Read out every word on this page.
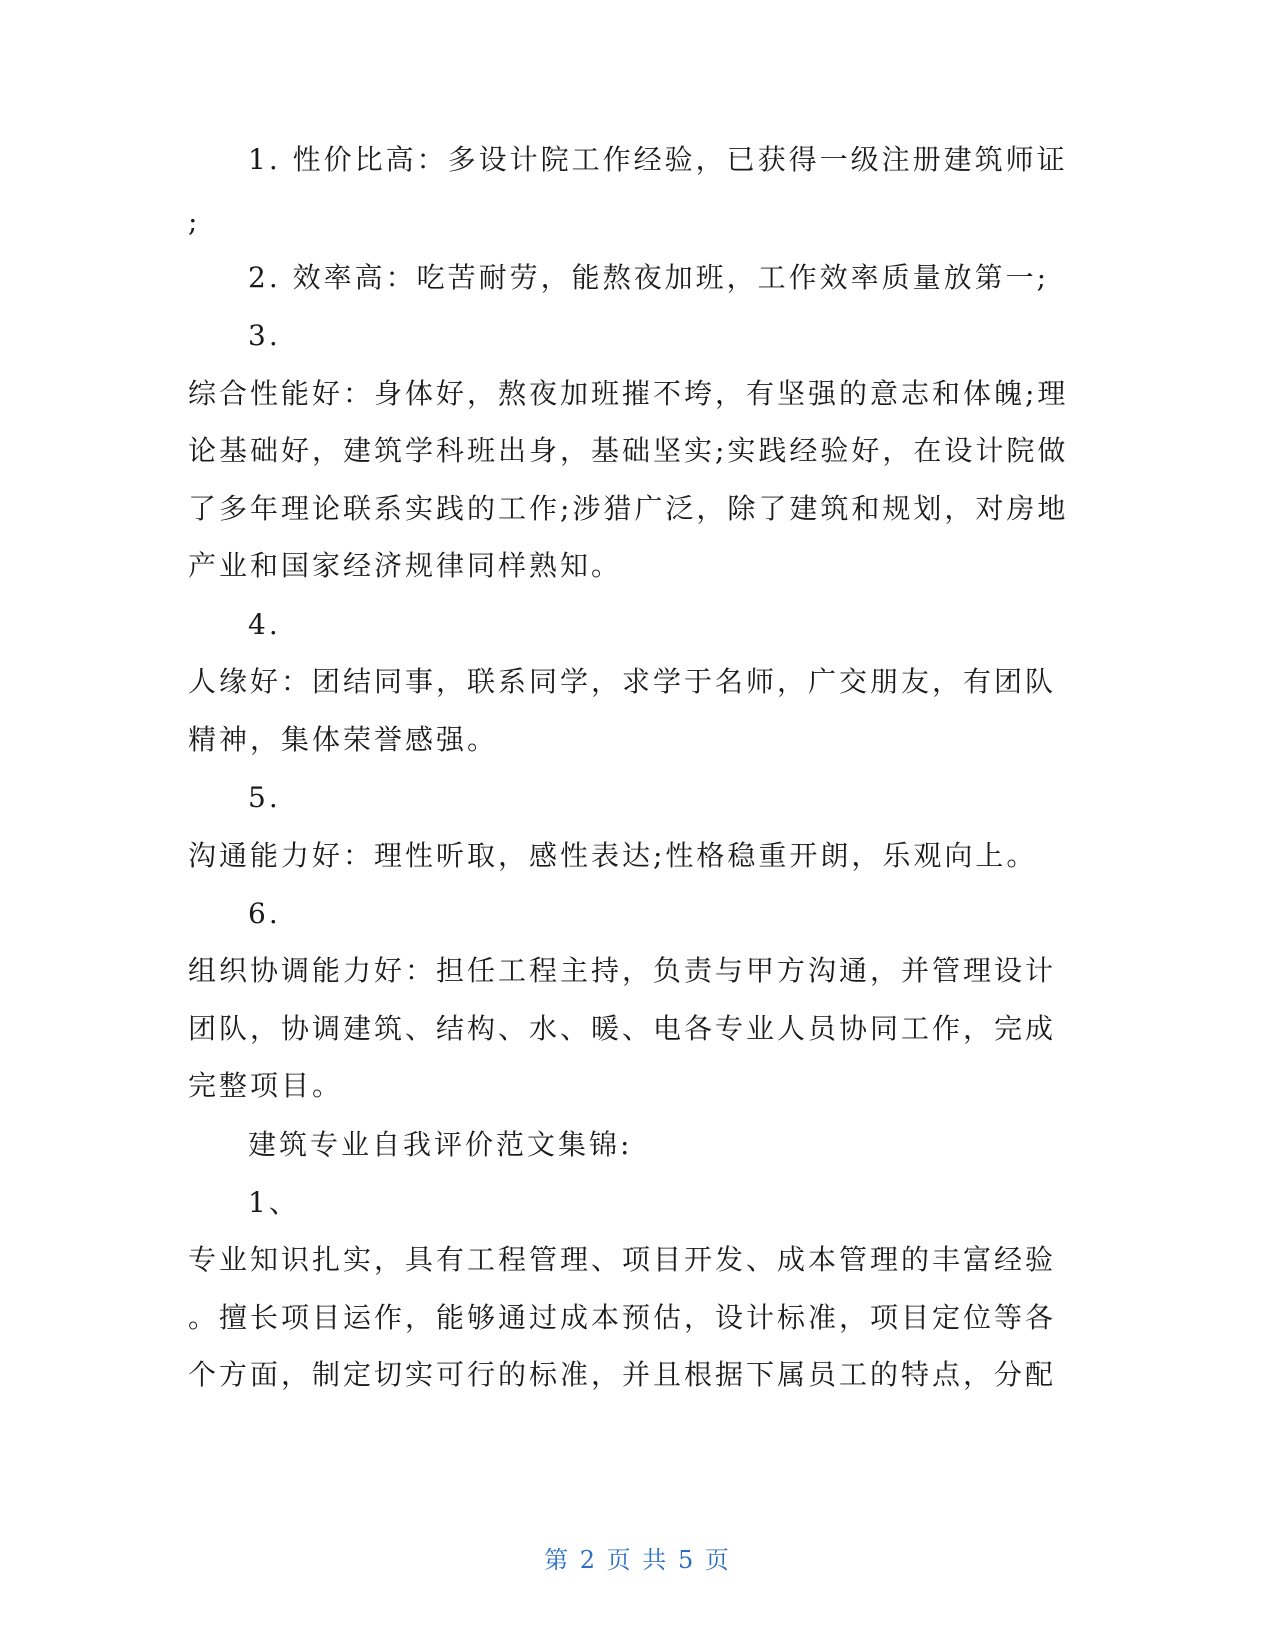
1. 性价比高：多设计院工作经验，已获得一级注册建筑师证
;
2. 效率高：吃苦耐劳，能熬夜加班，工作效率质量放第一;
3.
综合性能好：身体好，熬夜加班摧不垮，有坚强的意志和体魄;理
论基础好，建筑学科班出身，基础坚实;实践经验好，在设计院做
了多年理论联系实践的工作;涉猎广泛，除了建筑和规划，对房地
产业和国家经济规律同样熟知。
4.
人缘好：团结同事，联系同学，求学于名师，广交朋友，有团队
精神，集体荣誉感强。
5.
沟通能力好：理性听取，感性表达;性格稳重开朗，乐观向上。
6.
组织协调能力好：担任工程主持，负责与甲方沟通，并管理设计
团队，协调建筑、结构、水、暖、电各专业人员协同工作，完成
完整项目。
建筑专业自我评价范文集锦:
1、
专业知识扎实，具有工程管理、项目开发、成本管理的丰富经验
。擅长项目运作，能够通过成本预估，设计标准，项目定位等各
个方面，制定切实可行的标准，并且根据下属员工的特点，分配
第 2 页 共 5 页
